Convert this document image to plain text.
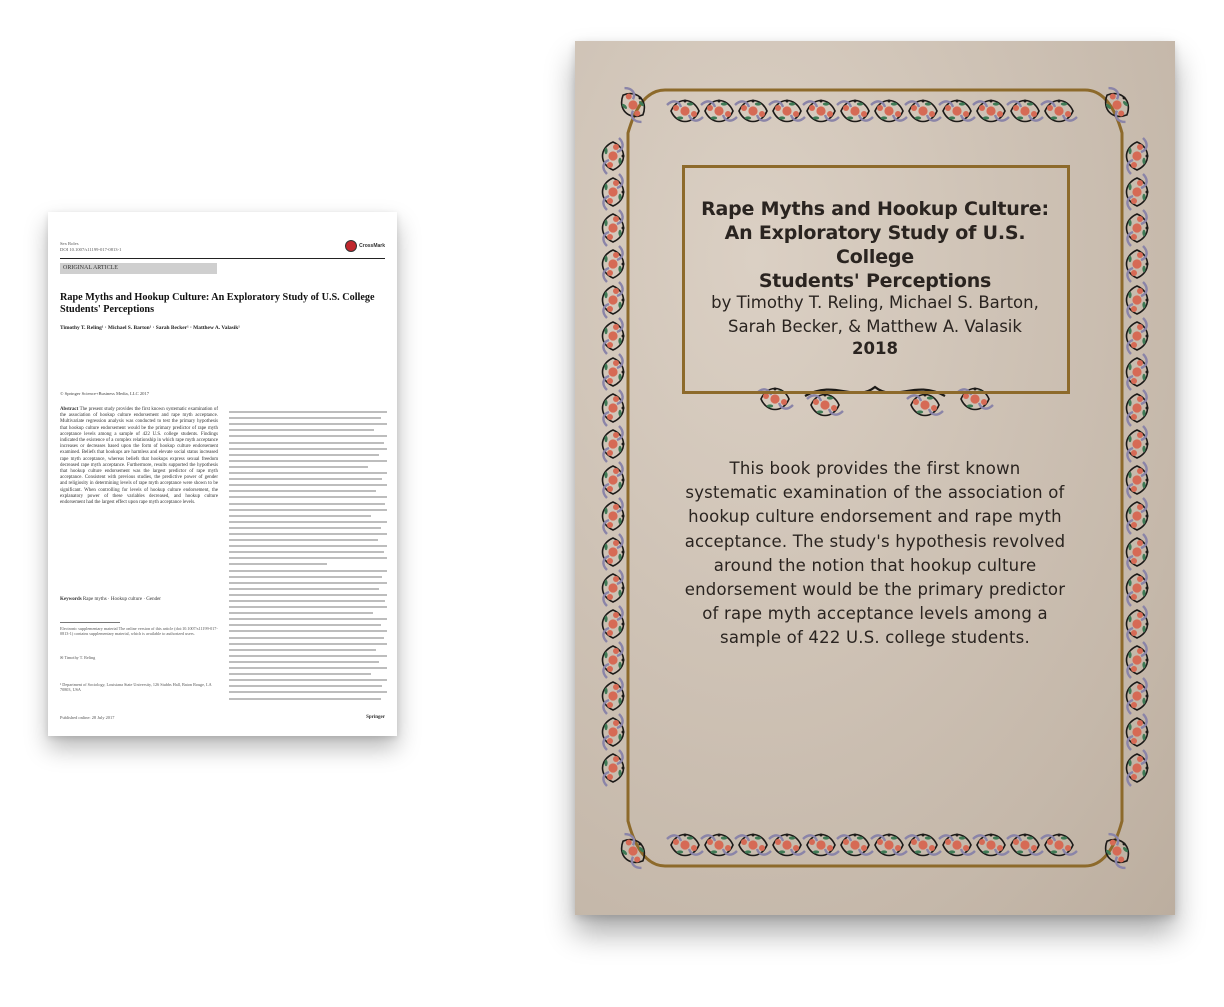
Sex Roles
DOI 10.1007/s11199-017-0813-1
CrossMark
ORIGINAL ARTICLE
Rape Myths and Hookup Culture: An Exploratory Study of U.S. College Students' Perceptions
Timothy T. Reling¹ · Michael S. Barton¹ · Sarah Becker¹ · Matthew A. Valasik¹
© Springer Science+Business Media, LLC 2017

Abstract The present study provides the first known systematic examination of the association of hookup culture endorsement and rape myth acceptance. Multivariate regression analysis was conducted to test the primary hypothesis that hookup culture endorsement would be the primary predictor of rape myth acceptance levels among a sample of 422 U.S. college students. Findings indicated the existence of a complex relationship in which rape myth acceptance increases or decreases based upon the form of hookup culture endorsement examined. Beliefs that hookups are harmless and elevate social status increased rape myth acceptance, whereas beliefs that hookups express sexual freedom decreased rape myth acceptance. Furthermore, results supported the hypothesis that hookup culture endorsement was the largest predictor of rape myth acceptance. Consistent with previous studies, the predictive power of gender and religiosity in determining levels of rape myth acceptance were shown to be significant. When controlling for levels of hookup culture endorsement, the explanatory power of these variables decreased, and hookup culture endorsement had the largest effect upon rape myth acceptance levels.

Keywords Rape myths · Hookup culture · Gender
Electronic supplementary material The online version of this article (doi:10.1007/s11199-017-0813-1) contains supplementary material, which is available to authorized users.
✉ Timothy T. Reling
¹ Department of Sociology, Louisiana State University, 126 Stubbs Hall, Baton Rouge, LA 70803, USA
Published online: 28 July 2017	Springer
Rape Myths and Hookup Culture:
An Exploratory Study of U.S. College
Students' Perceptions
by Timothy T. Reling, Michael S. Barton,
Sarah Becker, & Matthew A. Valasik
2018
This book provides the first known
systematic examination of the association of
hookup culture endorsement and rape myth
acceptance. The study's hypothesis revolved
around the notion that hookup culture
endorsement would be the primary predictor
of rape myth acceptance levels among a
sample of 422 U.S. college students.
